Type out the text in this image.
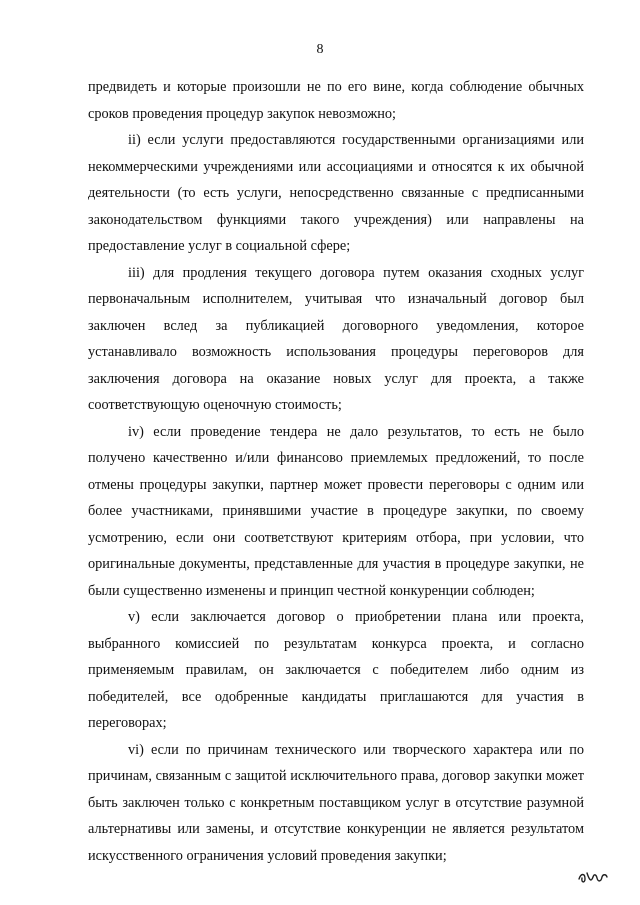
8

предвидеть и которые произошли не по его вине, когда соблюдение обычных сроков проведения процедур закупок невозможно;

ii) если услуги предоставляются государственными организациями или некоммерческими учреждениями или ассоциациями и относятся к их обычной деятельности (то есть услуги, непосредственно связанные с предписанными законодательством функциями такого учреждения) или направлены на предоставление услуг в социальной сфере;

iii) для продления текущего договора путем оказания сходных услуг первоначальным исполнителем, учитывая что изначальный договор был заключен вслед за публикацией договорного уведомления, которое устанавливало возможность использования процедуры переговоров для заключения договора на оказание новых услуг для проекта, а также соответствующую оценочную стоимость;

iv) если проведение тендера не дало результатов, то есть не было получено качественно и/или финансово приемлемых предложений, то после отмены процедуры закупки, партнер может провести переговоры с одним или более участниками, принявшими участие в процедуре закупки, по своему усмотрению, если они соответствуют критериям отбора, при условии, что оригинальные документы, представленные для участия в процедуре закупки, не были существенно изменены и принцип честной конкуренции соблюден;

v) если заключается договор о приобретении плана или проекта, выбранного комиссией по результатам конкурса проекта, и согласно применяемым правилам, он заключается с победителем либо одним из победителей, все одобренные кандидаты приглашаются для участия в переговорах;

vi) если по причинам технического или творческого характера или по причинам, связанным с защитой исключительного права, договор закупки может быть заключен только с конкретным поставщиком услуг в отсутствие разумной альтернативы или замены, и отсутствие конкуренции не является результатом искусственного ограничения условий проведения закупки;
